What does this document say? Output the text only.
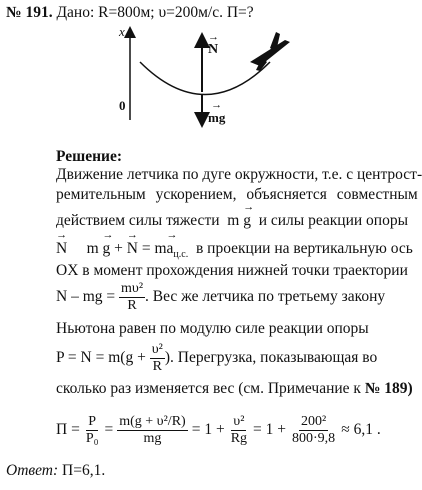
№ 191. Дано: R=800м; υ=200м/с. П=?
x
0
→ N
→ mg
Решение:
Движение летчика по дуге окружности, т.е. с центрост-
ремительным ускорением, объясняется совместным
действием силы тяжести m → g и силы реакции опоры
→ N m → g + → $N = m\to a_{ц.с.}$ в проекции на вертикальную ось
OX в момент прохождения нижней точки траектории
N – mg =
$\frac{\text{mυ²}}{R}$ . Вес же летчика по третьему закону
Ньютона равен по модулю силе реакции опоры
P = N = m (g +
$\frac{\text{υ²}}{R}$ ) . Перегрузка, показывающая во
сколько раз изменяется вес (см. Примечание к № 189)
$П = \frac{P}{\text{P₀}} = \frac{\text{m(g + υ²/R)}}{mg} = 1 + \frac{\text{υ²}}{Rg} = 1 + \frac{\text{200²}}{800\cdot 9,8} \approx 6,1$ .
Ответ: П=6,1.
